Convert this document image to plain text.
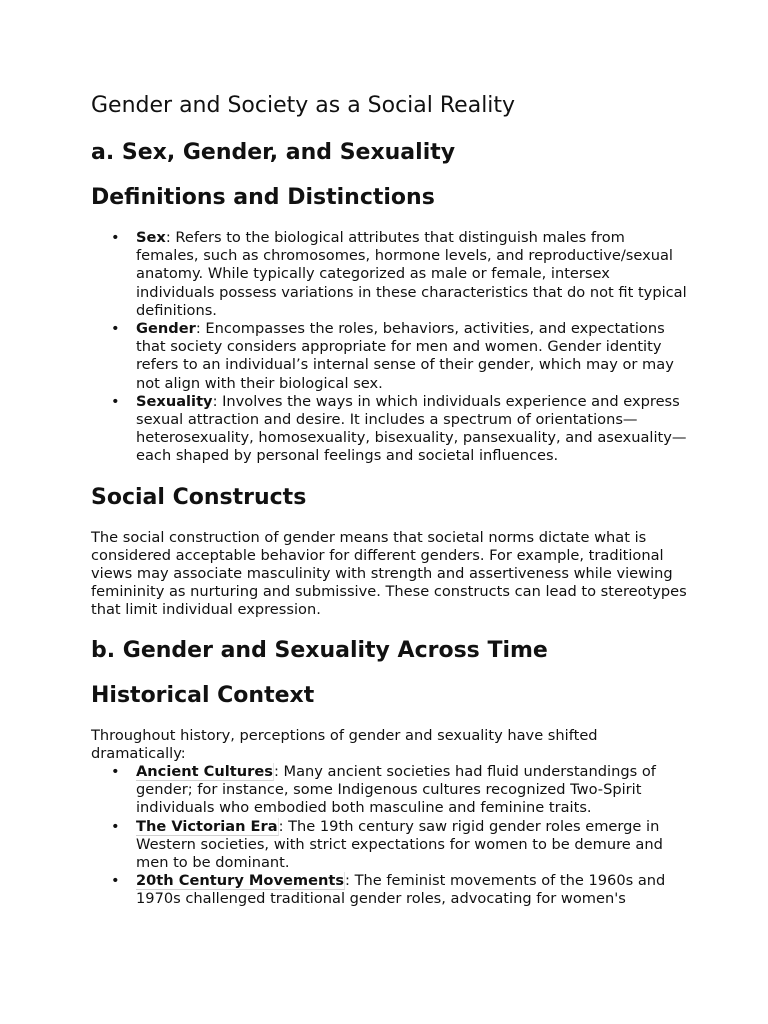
Gender and Society as a Social Reality
a. Sex, Gender, and Sexuality
Definitions and Distinctions
• Sex: Refers to the biological attributes that distinguish males from females, such as chromosomes, hormone levels, and reproductive/sexual anatomy. While typically categorized as male or female, intersex individuals possess variations in these characteristics that do not fit typical definitions.
• Gender: Encompasses the roles, behaviors, activities, and expectations that society considers appropriate for men and women. Gender identity refers to an individual’s internal sense of their gender, which may or may not align with their biological sex.
• Sexuality: Involves the ways in which individuals experience and express sexual attraction and desire. It includes a spectrum of orientations—heterosexuality, homosexuality, bisexuality, pansexuality, and asexuality—each shaped by personal feelings and societal influences.
Social Constructs

The social construction of gender means that societal norms dictate what is considered acceptable behavior for different genders. For example, traditional views may associate masculinity with strength and assertiveness while viewing femininity as nurturing and submissive. These constructs can lead to stereotypes that limit individual expression.

b. Gender and Sexuality Across Time
Historical Context

Throughout history, perceptions of gender and sexuality have shifted dramatically:

• Ancient Cultures: Many ancient societies had fluid understandings of gender; for instance, some Indigenous cultures recognized Two-Spirit individuals who embodied both masculine and feminine traits.
• The Victorian Era: The 19th century saw rigid gender roles emerge in Western societies, with strict expectations for women to be demure and men to be dominant.
• 20th Century Movements: The feminist movements of the 1960s and 1970s challenged traditional gender roles, advocating for women's
